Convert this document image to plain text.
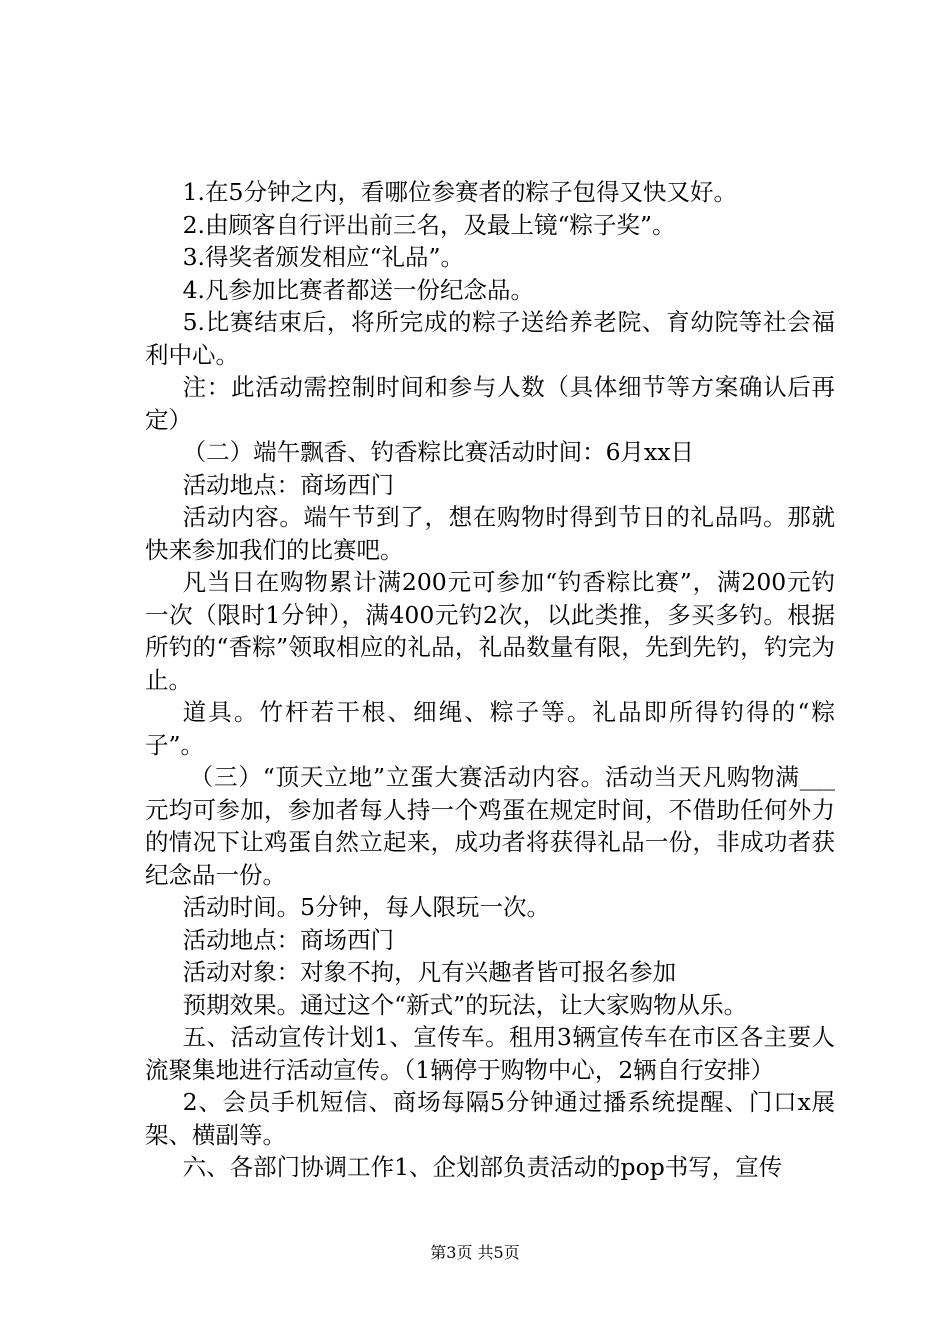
1.在5分钟之内，看哪位参赛者的粽子包得又快又好。

2.由顾客自行评出前三名，及最上镜“粽子奖”。

3.得奖者颁发相应“礼品”。

4.凡参加比赛者都送一份纪念品。

5.比赛结束后，将所完成的粽子送给养老院、育幼院等社会福利中心。

注：此活动需控制时间和参与人数（具体细节等方案确认后再定）

（二）端午飘香、钓香粽比赛活动时间：6月xx日

活动地点：商场西门

活动内容。端午节到了，想在购物时得到节日的礼品吗。那就快来参加我们的比赛吧。

凡当日在购物累计满200元可参加“钓香粽比赛”，满200元钓一次（限时1分钟），满400元钓2次，以此类推，多买多钓。根据所钓的“香粽”领取相应的礼品，礼品数量有限，先到先钓，钓完为止。

道具。竹杆若干根、细绳、粽子等。礼品即所得钓得的“粽子”。

（三）“顶天立地”立蛋大赛活动内容。活动当天凡购物满___元均可参加，参加者每人持一个鸡蛋在规定时间，不借助任何外力的情况下让鸡蛋自然立起来，成功者将获得礼品一份，非成功者获纪念品一份。

活动时间。5分钟，每人限玩一次。

活动地点：商场西门

活动对象：对象不拘，凡有兴趣者皆可报名参加

预期效果。通过这个“新式”的玩法，让大家购物从乐。

五、活动宣传计划1、宣传车。租用3辆宣传车在市区各主要人流聚集地进行活动宣传。（1辆停于购物中心，2辆自行安排）

2、会员手机短信、商场每隔5分钟通过播系统提醒、门口x展架、横副等。

六、各部门协调工作1、企划部负责活动的pop书写，宣传

第3页 共5页
